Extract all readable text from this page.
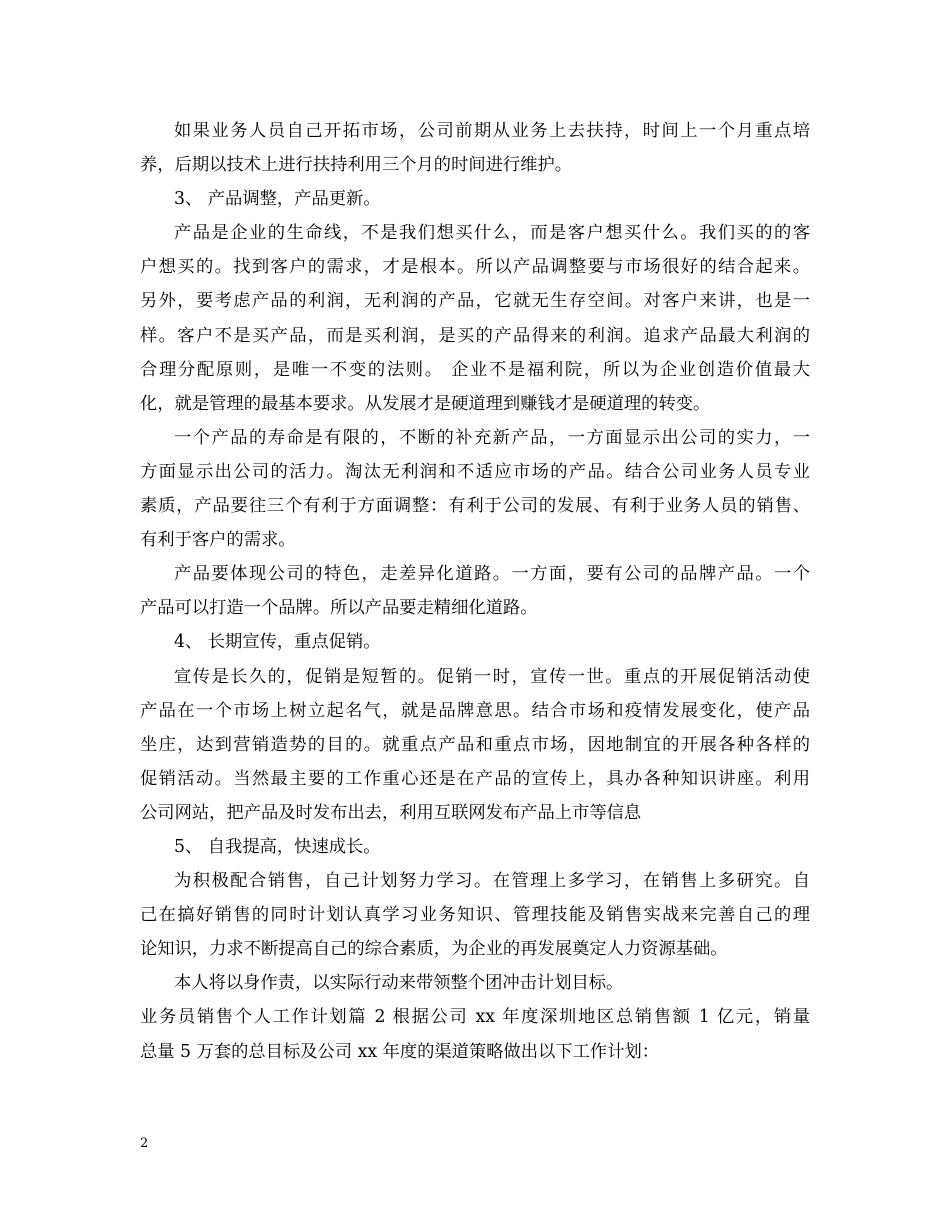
如果业务人员自己开拓市场，公司前期从业务上去扶持，时间上一个月重点培
养，后期以技术上进行扶持利用三个月的时间进行维护。
3、 产品调整，产品更新。
产品是企业的生命线，不是我们想买什么，而是客户想买什么。我们买的的客
户想买的。找到客户的需求，才是根本。所以产品调整要与市场很好的结合起来。
另外，要考虑产品的利润，无利润的产品，它就无生存空间。对客户来讲，也是一
样。客户不是买产品，而是买利润，是买的产品得来的利润。追求产品最大利润的
合理分配原则，是唯一不变的法则。 企业不是福利院，所以为企业创造价值最大
化，就是管理的最基本要求。从发展才是硬道理到赚钱才是硬道理的转变。
一个产品的寿命是有限的，不断的补充新产品，一方面显示出公司的实力，一
方面显示出公司的活力。淘汰无利润和不适应市场的产品。结合公司业务人员专业
素质，产品要往三个有利于方面调整：有利于公司的发展、有利于业务人员的销售、
有利于客户的需求。
产品要体现公司的特色，走差异化道路。一方面，要有公司的品牌产品。一个
产品可以打造一个品牌。所以产品要走精细化道路。
4、 长期宣传，重点促销。
宣传是长久的，促销是短暂的。促销一时，宣传一世。重点的开展促销活动使
产品在一个市场上树立起名气，就是品牌意思。结合市场和疫情发展变化，使产品
坐庄，达到营销造势的目的。就重点产品和重点市场，因地制宜的开展各种各样的
促销活动。当然最主要的工作重心还是在产品的宣传上，具办各种知识讲座。利用
公司网站，把产品及时发布出去，利用互联网发布产品上市等信息
5、 自我提高，快速成长。
为积极配合销售，自己计划努力学习。在管理上多学习，在销售上多研究。自
己在搞好销售的同时计划认真学习业务知识、管理技能及销售实战来完善自己的理
论知识，力求不断提高自己的综合素质，为企业的再发展奠定人力资源基础。
本人将以身作责，以实际行动来带领整个团冲击计划目标。
业务员销售个人工作计划篇 2 根据公司 xx 年度深圳地区总销售额 1 亿元，销量
总量 5 万套的总目标及公司 xx 年度的渠道策略做出以下工作计划：
2
